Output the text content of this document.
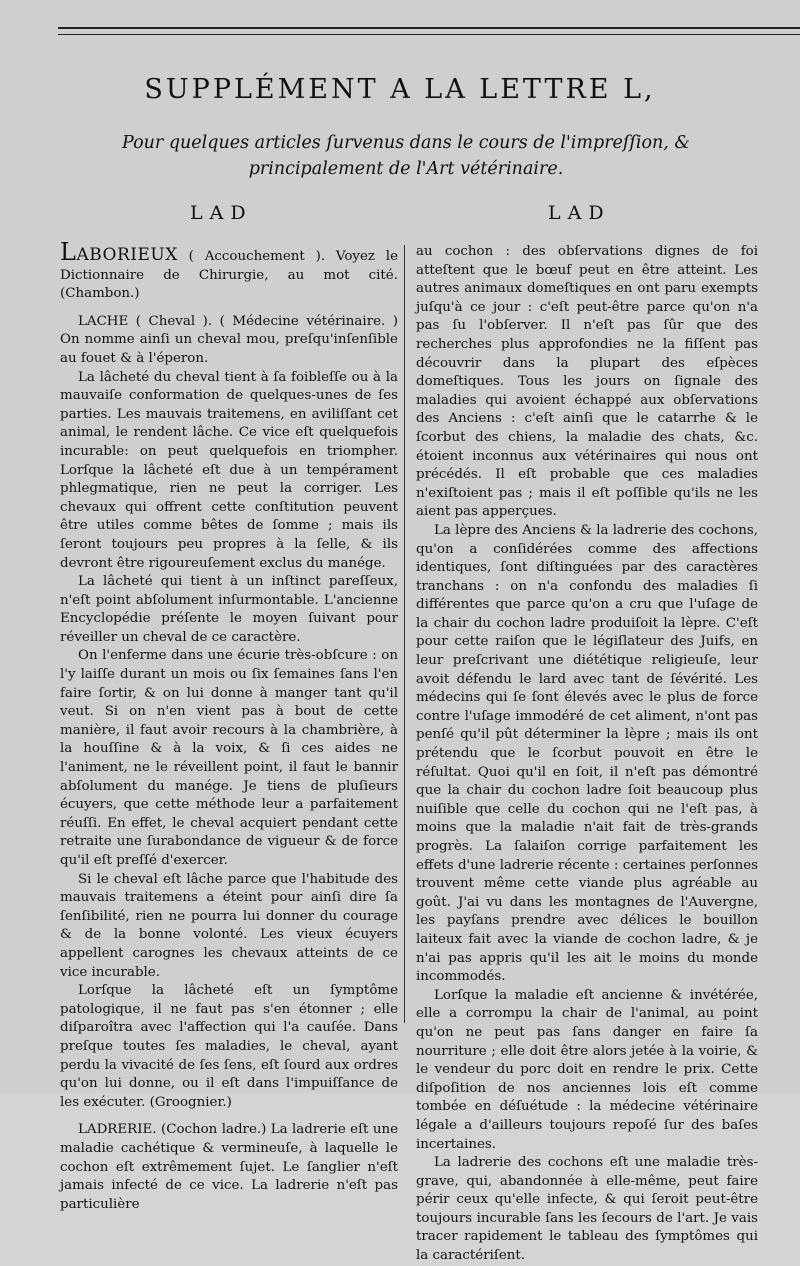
SUPPLÉMENT A LA LETTRE L,
Pour quelques articles ſurvenus dans le cours de l'impreſſion, & principalement de l'Art vétérinaire.
LAD	LAD

Laborieux ( Accouchement ). Voyez le Dictionnaire de Chirurgie, au mot cité. (Chambon.)

LACHE ( Cheval ). ( Médecine vétérinaire. ) On nomme ainſi un cheval mou, preſqu'inſenſible au fouet & à l'éperon.

La lâcheté du cheval tient à ſa foibleſſe ou à la mauvaiſe conformation de quelques-unes de ſes parties. Les mauvais traitemens, en aviliſſant cet animal, le rendent lâche. Ce vice eſt quelquefois incurable: on peut quelquefois en triompher. Lorſque la lâcheté eſt due à un tempérament phlegmatique, rien ne peut la corriger. Les chevaux qui offrent cette conſtitution peuvent être utiles comme bêtes de ſomme ; mais ils ſeront toujours peu propres à la ſelle, & ils devront être rigoureuſement exclus du manége.

La lâcheté qui tient à un inſtinct pareſſeux, n'eſt point abſolument inſurmontable. L'ancienne Encyclopédie préſente le moyen ſuivant pour réveiller un cheval de ce caractère.

On l'enferme dans une écurie très-obſcure : on l'y laiſſe durant un mois ou ſix ſemaines ſans l'en faire ſortir, & on lui donne à manger tant qu'il veut. Si on n'en vient pas à bout de cette manière, il faut avoir recours à la chambrière, à la houſſine & à la voix, & ſi ces aides ne l'animent, ne le réveillent point, il faut le bannir abſolument du manége. Je tiens de pluſieurs écuyers, que cette méthode leur a parfaitement réuſſi. En effet, le cheval acquiert pendant cette retraite une ſurabondance de vigueur & de force qu'il eſt preſſé d'exercer.

Si le cheval eſt lâche parce que l'habitude des mauvais traitemens a éteint pour ainſi dire ſa ſenſibilité, rien ne pourra lui donner du courage & de la bonne volonté. Les vieux écuyers appellent carognes les chevaux atteints de ce vice incurable.

Lorſque la lâcheté eſt un ſymptôme patologique, il ne faut pas s'en étonner ; elle diſparoîtra avec l'affection qui l'a cauſée. Dans preſque toutes ſes maladies, le cheval, ayant perdu la vivacité de ſes ſens, eſt ſourd aux ordres qu'on lui donne, ou il eſt dans l'impuiſſance de les exécuter. (Groognier.)

LADRERIE. (Cochon ladre.) La ladrerie eſt une maladie cachétique & vermineuſe, à laquelle le cochon eſt extrêmement ſujet. Le ſanglier n'eſt jamais infecté de ce vice. La ladrerie n'eſt pas particulière

au cochon : des obſervations dignes de foi atteſtent que le bœuf peut en être atteint. Les autres animaux domeſtiques en ont paru exempts juſqu'à ce jour : c'eſt peut-être parce qu'on n'a pas ſu l'obſerver. Il n'eſt pas ſûr que des recherches plus approfondies ne la fiſſent pas découvrir dans la plupart des eſpèces domeſtiques. Tous les jours on ſignale des maladies qui avoient échappé aux obſervations des Anciens : c'eſt ainſi que le catarrhe & le ſcorbut des chiens, la maladie des chats, &c. étoient inconnus aux vétérinaires qui nous ont précédés. Il eſt probable que ces maladies n'exiſtoient pas ; mais il eſt poſſible qu'ils ne les aient pas apperçues.

La lèpre des Anciens & la ladrerie des cochons, qu'on a conſidérées comme des affections identiques, ſont diſtinguées par des caractères tranchans : on n'a confondu des maladies ſi différentes que parce qu'on a cru que l'uſage de la chair du cochon ladre produiſoit la lèpre. C'eſt pour cette raiſon que le légiſlateur des Juifs, en leur preſcrivant une diététique religieuſe, leur avoit défendu le lard avec tant de ſévérité. Les médecins qui ſe ſont élevés avec le plus de force contre l'uſage immodéré de cet aliment, n'ont pas penſé qu'il pût déterminer la lèpre ; mais ils ont prétendu que le ſcorbut pouvoit en être le réſultat. Quoi qu'il en ſoit, il n'eſt pas démontré que la chair du cochon ladre ſoit beaucoup plus nuiſible que celle du cochon qui ne l'eſt pas, à moins que la maladie n'ait fait de très-grands progrès. La ſalaiſon corrige parfaitement les effets d'une ladrerie récente : certaines perſonnes trouvent même cette viande plus agréable au goût. J'ai vu dans les montagnes de l'Auvergne, les payſans prendre avec délices le bouillon laiteux fait avec la viande de cochon ladre, & je n'ai pas appris qu'il les ait le moins du monde incommodés.

Lorſque la maladie eſt ancienne & invétérée, elle a corrompu la chair de l'animal, au point qu'on ne peut pas ſans danger en faire ſa nourriture ; elle doit être alors jetée à la voirie, & le vendeur du porc doit en rendre le prix. Cette diſpoſition de nos anciennes lois eſt comme tombée en déſuétude : la médecine vétérinaire légale a d'ailleurs toujours repoſé ſur des baſes incertaines.

La ladrerie des cochons eſt une maladie très-grave, qui, abandonnée à elle-même, peut faire périr ceux qu'elle infecte, & qui ſeroit peut-être toujours incurable ſans les ſecours de l'art. Je vais tracer rapidement le tableau des ſymptômes qui la caractériſent.
